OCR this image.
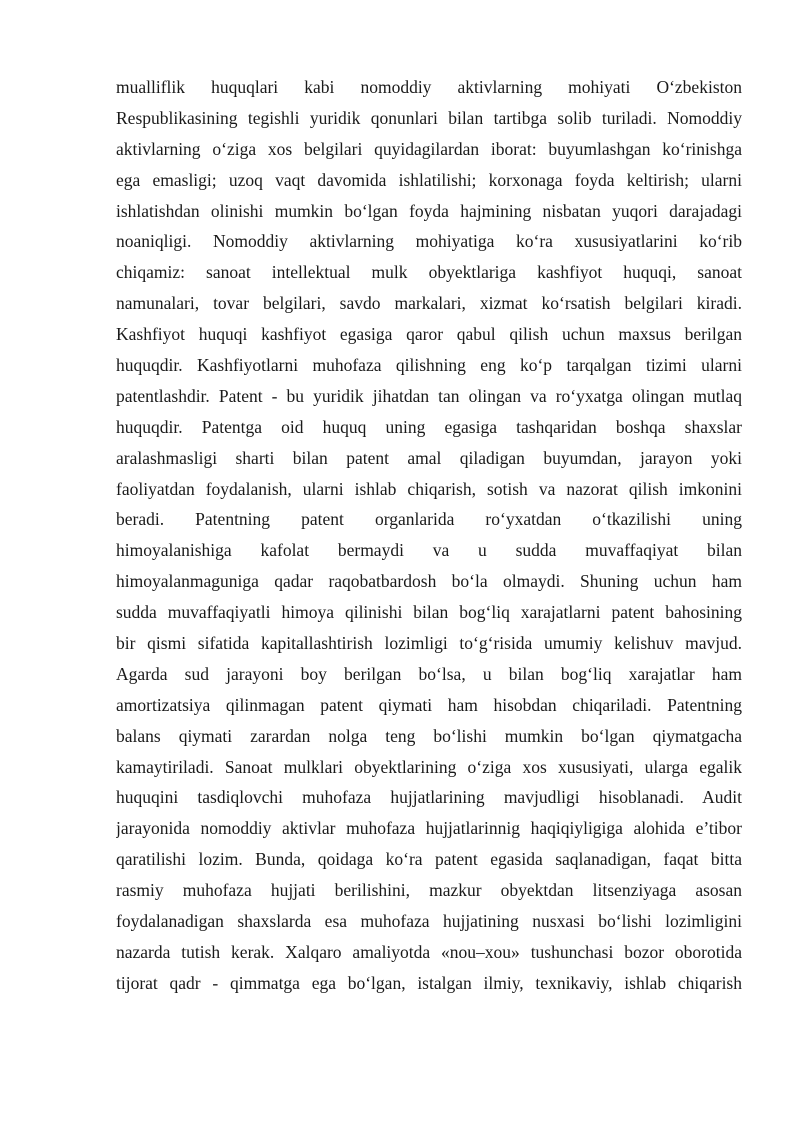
mualliflik huquqlari kabi nomoddiy aktivlarning mohiyati O‘zbekiston
Respublikasining tegishli yuridik qonunlari bilan tartibga solib turiladi. Nomoddiy
aktivlarning o‘ziga xos belgilari quyidagilardan iborat: buyumlashgan ko‘rinishga
ega emasligi; uzoq vaqt davomida ishlatilishi; korxonaga foyda keltirish; ularni
ishlatishdan olinishi mumkin bo‘lgan foyda hajmining nisbatan yuqori darajadagi
noaniqligi. Nomoddiy aktivlarning mohiyatiga ko‘ra xususiyatlarini ko‘rib
chiqamiz: sanoat intellektual mulk obyektlariga kashfiyot huquqi, sanoat
namunalari, tovar belgilari, savdo markalari, xizmat ko‘rsatish belgilari kiradi.
Kashfiyot huquqi kashfiyot egasiga qaror qabul qilish uchun maxsus berilgan
huquqdir. Kashfiyotlarni muhofaza qilishning eng ko‘p tarqalgan tizimi ularni
patentlashdir. Patent - bu yuridik jihatdan tan olingan va ro‘yxatga olingan mutlaq
huquqdir. Patentga oid huquq uning egasiga tashqaridan boshqa shaxslar
aralashmasligi sharti bilan patent amal qiladigan buyumdan, jarayon yoki
faoliyatdan foydalanish, ularni ishlab chiqarish, sotish va nazorat qilish imkonini
beradi. Patentning patent organlarida ro‘yxatdan o‘tkazilishi uning
himoyalanishiga kafolat bermaydi va u sudda muvaffaqiyat bilan
himoyalanmaguniga qadar raqobatbardosh bo‘la olmaydi. Shuning uchun ham
sudda muvaffaqiyatli himoya qilinishi bilan bog‘liq xarajatlarni patent bahosining
bir qismi sifatida kapitallashtirish lozimligi to‘g‘risida umumiy kelishuv mavjud.
Agarda sud jarayoni boy berilgan bo‘lsa, u bilan bog‘liq xarajatlar ham
amortizatsiya qilinmagan patent qiymati ham hisobdan chiqariladi. Patentning
balans qiymati zarardan nolga teng bo‘lishi mumkin bo‘lgan qiymatgacha
kamaytiriladi. Sanoat mulklari obyektlarining o‘ziga xos xususiyati, ularga egalik
huquqini tasdiqlovchi muhofaza hujjatlarining mavjudligi hisoblanadi. Audit
jarayonida nomoddiy aktivlar muhofaza hujjatlarinnig haqiqiyligiga alohida e’tibor
qaratilishi lozim. Bunda, qoidaga ko‘ra patent egasida saqlanadigan, faqat bitta
rasmiy muhofaza hujjati berilishini, mazkur obyektdan litsenziyaga asosan
foydalanadigan shaxslarda esa muhofaza hujjatining nusxasi bo‘lishi lozimligini
nazarda tutish kerak. Xalqaro amaliyotda «nou–xou» tushunchasi bozor oborotida
tijorat qadr - qimmatga ega bo‘lgan, istalgan ilmiy, texnikaviy, ishlab chiqarish
